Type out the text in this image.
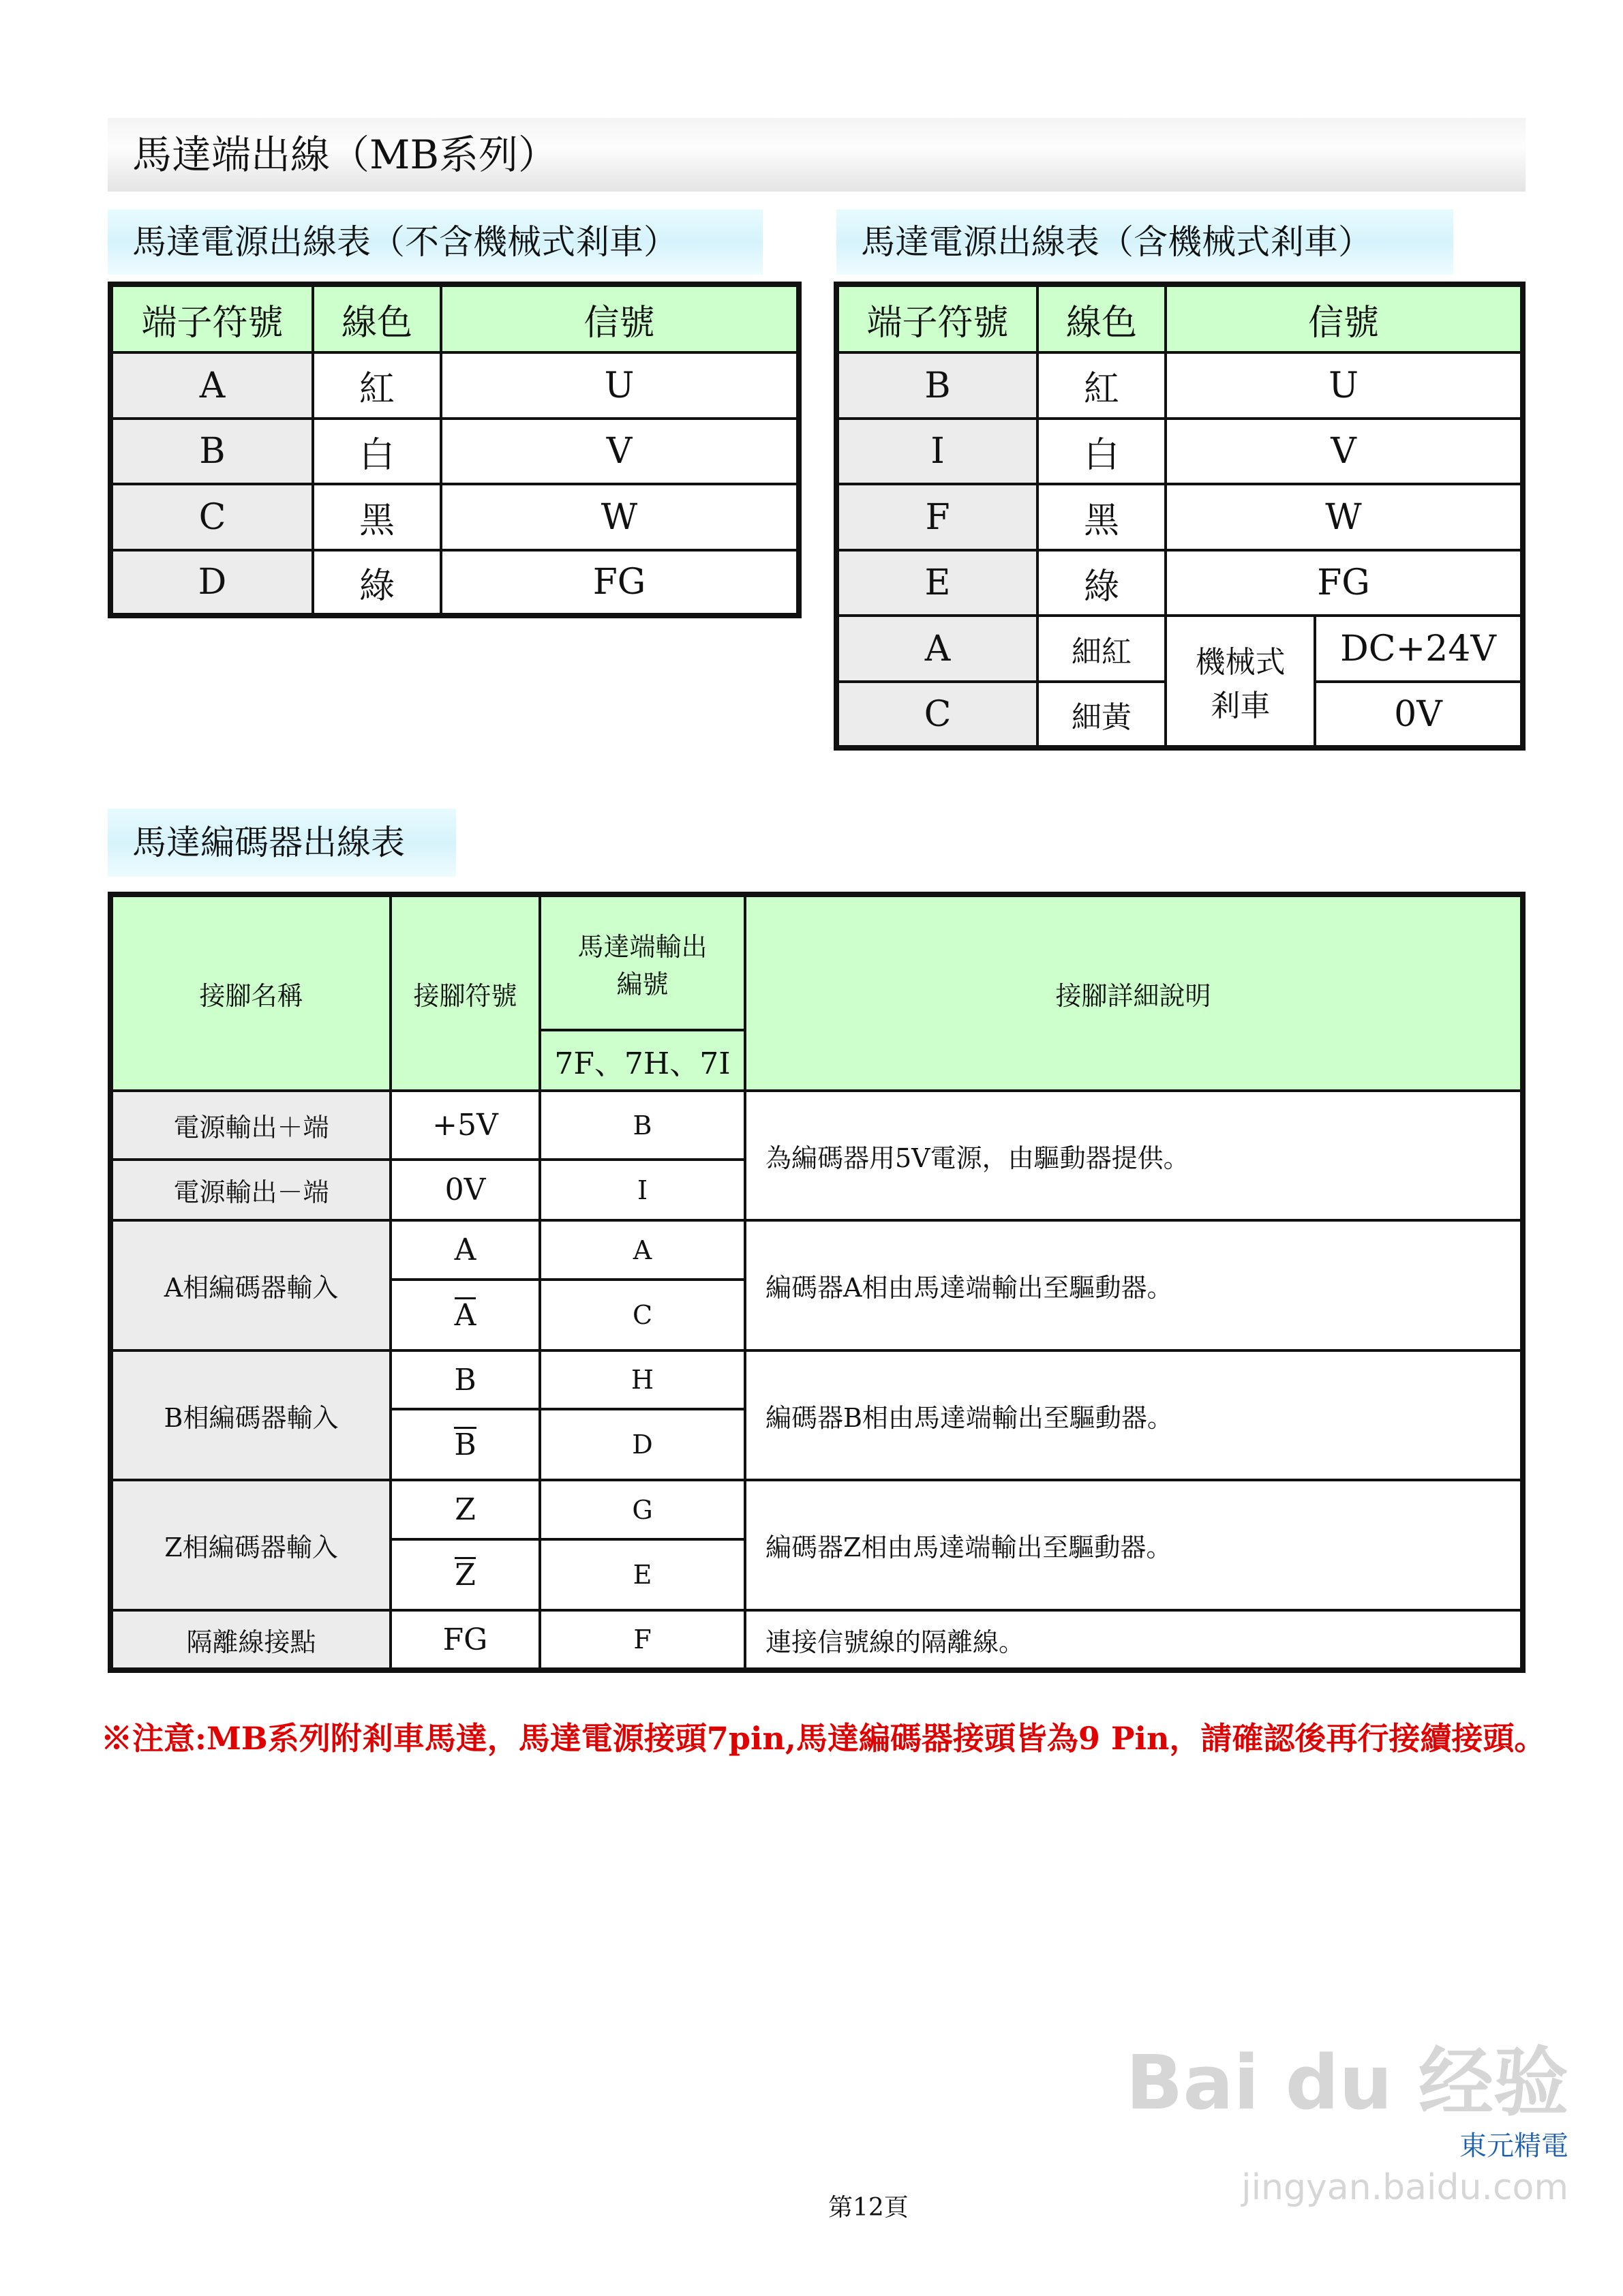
馬達端出線（MB系列）
馬達電源出線表（不含機械式剎車）	馬達電源出線表（含機械式剎車）
端子符號	線色	信號
A	紅	U
B	白	V
C	黑	W
D	綠	FG
端子符號	線色	信號	
B	紅	U	
I	白	V	
F	黑	W	
E	綠	FG	
A	細紅	機械式剎車	DC+24V
C	細黃		0V
馬達編碼器出線表
接腳名稱	接腳符號	馬達端輸出編號	接腳詳細說明
		7F、7H、7I	
電源輸出＋端	+5V	B	為編碼器用5V電源，由驅動器提供。
電源輸出－端	0V	I	
A相編碼器輸入	A	A	編碼器A相由馬達端輸出至驅動器。
	A	C	
B相編碼器輸入	B	H	編碼器B相由馬達端輸出至驅動器。
	B	D	
Z相編碼器輸入	Z	G	編碼器Z相由馬達端輸出至驅動器。
	Z	E	
隔離線接點	FG	F	連接信號線的隔離線。
※注意:MB系列附剎車馬達，馬達電源接頭7pin,馬達編碼器接頭皆為9 Pin，請確認後再行接續接頭。
第12頁
Bai du 经验
東元精電
jingyan.baidu.com
